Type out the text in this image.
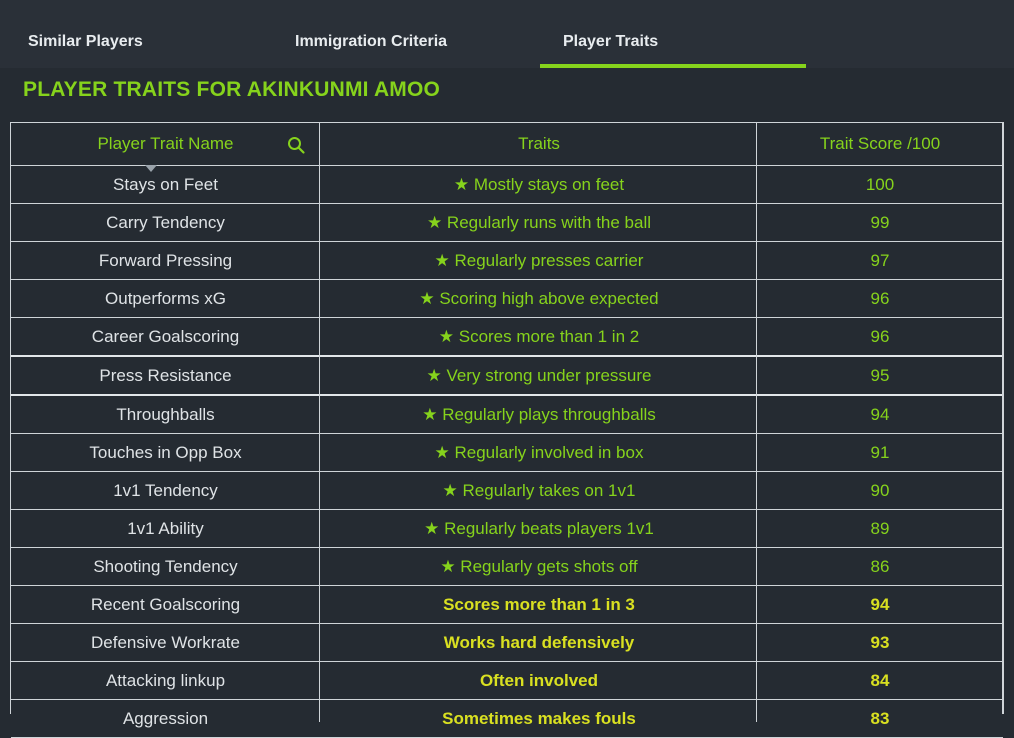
Similar Players	Immigration Criteria	Player Traits
PLAYER TRAITS FOR AKINKUNMI AMOO
Player Trait Name	Traits	Trait Score /100
Stays on Feet	★ Mostly stays on feet	100
Carry Tendency	★ Regularly runs with the ball	99
Forward Pressing	★ Regularly presses carrier	97
Outperforms xG	★ Scoring high above expected	96
Career Goalscoring	★ Scores more than 1 in 2	96
Press Resistance	★ Very strong under pressure	95
Throughballs	★ Regularly plays throughballs	94
Touches in Opp Box	★ Regularly involved in box	91
1v1 Tendency	★ Regularly takes on 1v1	90
1v1 Ability	★ Regularly beats players 1v1	89
Shooting Tendency	★ Regularly gets shots off	86
Recent Goalscoring	Scores more than 1 in 3	94
Defensive Workrate	Works hard defensively	93
Attacking linkup	Often involved	84
Aggression	Sometimes makes fouls	83
